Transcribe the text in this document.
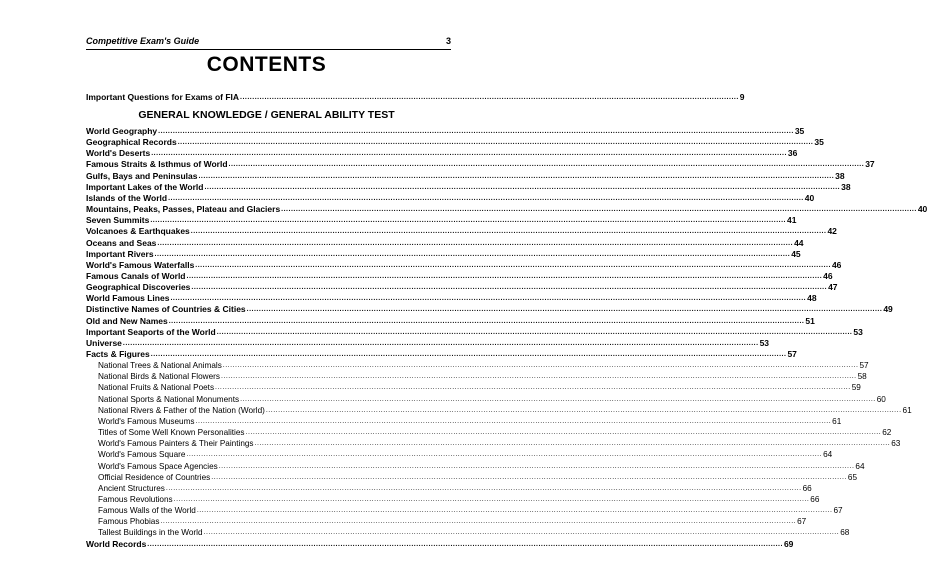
Competitive Exam's Guide	3
CONTENTS
Important Questions for Exams of FIA ............................................................................................................................................................................................................ 9
GENERAL KNOWLEDGE / GENERAL ABILITY TEST
World Geography .................................................................................................................................................................................................................................................................... 35
Geographical Records .................................................................................................................................................................................................................................................................... 35
World's Deserts .................................................................................................................................................................................................................................................................... 36
Famous Straits & Isthmus of World .................................................................................................................................................................................................................................................................... 37
Gulfs, Bays and Peninsulas .................................................................................................................................................................................................................................................................... 38
Important Lakes of the World .................................................................................................................................................................................................................................................................... 38
Islands of the World .................................................................................................................................................................................................................................................................... 40
Mountains, Peaks, Passes, Plateau and Glaciers .................................................................................................................................................................................................................................................................... 40
Seven Summits .................................................................................................................................................................................................................................................................... 41
Volcanoes & Earthquakes .................................................................................................................................................................................................................................................................... 42
Oceans and Seas .................................................................................................................................................................................................................................................................... 44
Important Rivers .................................................................................................................................................................................................................................................................... 45
World's Famous Waterfalls .................................................................................................................................................................................................................................................................... 46
Famous Canals of World .................................................................................................................................................................................................................................................................... 46
Geographical Discoveries .................................................................................................................................................................................................................................................................... 47
World Famous Lines .................................................................................................................................................................................................................................................................... 48
Distinctive Names of Countries & Cities .................................................................................................................................................................................................................................................................... 49
Old and New Names .................................................................................................................................................................................................................................................................... 51
Important Seaports of the World .................................................................................................................................................................................................................................................................... 53
Universe .................................................................................................................................................................................................................................................................... 53
Facts & Figures .................................................................................................................................................................................................................................................................... 57
National Trees & National Animals .................................................................................................................................................................................................................................................................... 57
National Birds & National Flowers .................................................................................................................................................................................................................................................................... 58
National Fruits & National Poets .................................................................................................................................................................................................................................................................... 59
National Sports & National Monuments .................................................................................................................................................................................................................................................................... 60
National Rivers & Father of the Nation (World) .................................................................................................................................................................................................................................................................... 61
World's Famous Museums .................................................................................................................................................................................................................................................................... 61
Titles of Some Well Known Personalities .................................................................................................................................................................................................................................................................... 62
World's Famous Painters & Their Paintings .................................................................................................................................................................................................................................................................... 63
World's Famous Square .................................................................................................................................................................................................................................................................... 64
World's Famous Space Agencies .................................................................................................................................................................................................................................................................... 64
Official Residence of Countries .................................................................................................................................................................................................................................................................... 65
Ancient Structures .................................................................................................................................................................................................................................................................... 66
Famous Revolutions .................................................................................................................................................................................................................................................................... 66
Famous Walls of the World .................................................................................................................................................................................................................................................................... 67
Famous Phobias .................................................................................................................................................................................................................................................................... 67
Tallest Buildings in the World .................................................................................................................................................................................................................................................................... 68
World Records .................................................................................................................................................................................................................................................................... 69
